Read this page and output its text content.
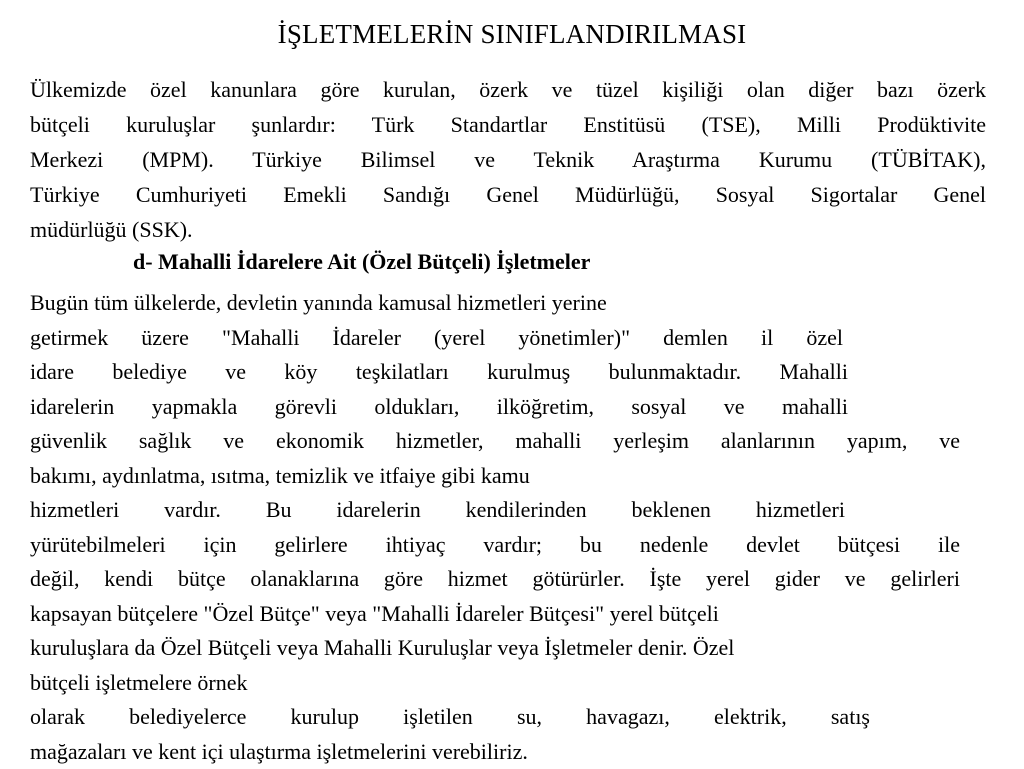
İŞLETMELERİN SINIFLANDIRILMASI
Ülkemizde özel kanunlara göre kurulan, özerk ve tüzel kişiliği olan diğer bazı özerk
bütçeli kuruluşlar şunlardır: Türk Standartlar Enstitüsü (TSE), Milli Prodüktivite
Merkezi (MPM). Türkiye Bilimsel ve Teknik Araştırma Kurumu (TÜBİTAK),
Türkiye Cumhuriyeti Emekli Sandığı Genel Müdürlüğü, Sosyal Sigortalar Genel
müdürlüğü (SSK).
d- Mahalli İdarelere Ait (Özel Bütçeli) İşletmeler
Bugün tüm ülkelerde, devletin yanında kamusal hizmetleri yerine
getirmek üzere "Mahalli İdareler (yerel yönetimler)" demlen il özel
idare belediye ve köy teşkilatları kurulmuş bulunmaktadır. Mahalli
idarelerin yapmakla görevli oldukları, ilköğretim, sosyal ve mahalli
güvenlik sağlık ve ekonomik hizmetler, mahalli yerleşim alanlarının yapım, ve
bakımı, aydınlatma, ısıtma, temizlik ve itfaiye gibi kamu
hizmetleri vardır. Bu idarelerin kendilerinden beklenen hizmetleri
yürütebilmeleri için gelirlere ihtiyaç vardır; bu nedenle devlet bütçesi ile
değil, kendi bütçe olanaklarına göre hizmet götürürler. İşte yerel gider ve gelirleri
kapsayan bütçelere "Özel Bütçe" veya "Mahalli İdareler Bütçesi" yerel bütçeli
kuruluşlara da Özel Bütçeli veya Mahalli Kuruluşlar veya İşletmeler denir. Özel
bütçeli işletmelere örnek
olarak belediyelerce kurulup işletilen su, havagazı, elektrik, satış
mağazaları ve kent içi ulaştırma işletmelerini verebiliriz.
